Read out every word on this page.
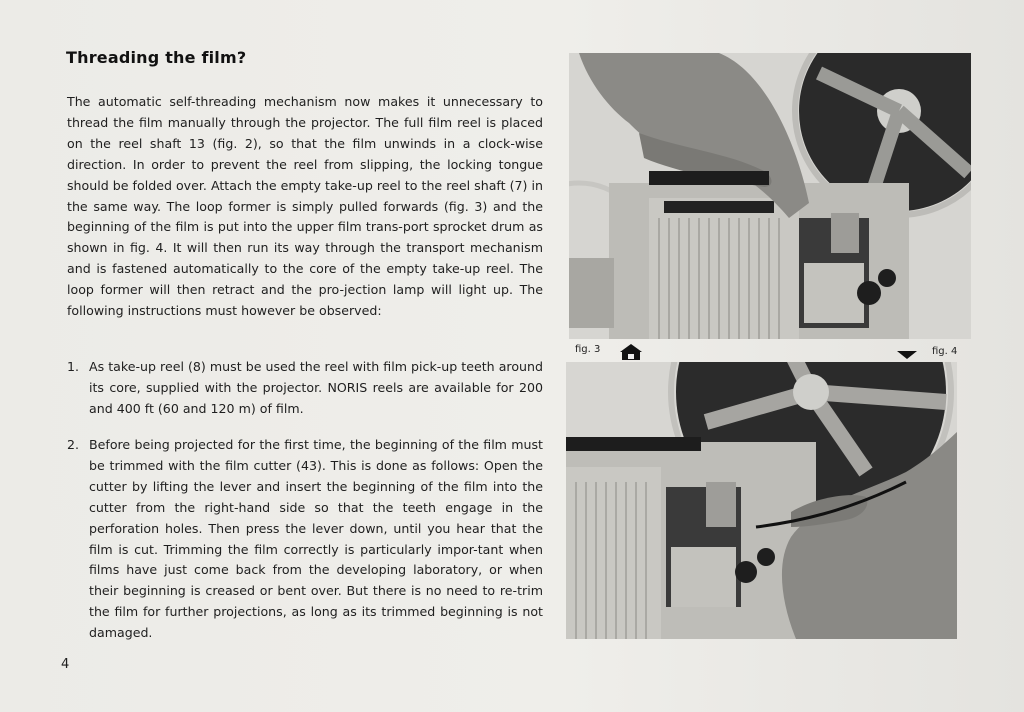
Threading the film?

The automatic self-threading mechanism now makes it unnecessary to thread the film manually through the projector. The full film reel is placed on the reel shaft 13 (fig. 2), so that the film unwinds in a clock-wise direction. In order to prevent the reel from slipping, the locking tongue should be folded over. Attach the empty take-up reel to the reel shaft (7) in the same way. The loop former is simply pulled forwards (fig. 3) and the beginning of the film is put into the upper film trans-port sprocket drum as shown in fig. 4. It will then run its way through the transport mechanism and is fastened automatically to the core of the empty take-up reel. The loop former will then retract and the pro-jection lamp will light up. The following instructions must however be observed:

1. As take-up reel (8) must be used the reel with film pick-up teeth around its core, supplied with the projector. NORIS reels are available for 200 and 400 ft (60 and 120 m) of film.

2. Before being projected for the first time, the beginning of the film must be trimmed with the film cutter (43). This is done as follows: Open the cutter by lifting the lever and insert the beginning of the film into the cutter from the right-hand side so that the teeth engage in the perforation holes. Then press the lever down, until you hear that the film is cut. Trimming the film correctly is particularly impor-tant when films have just come back from the developing laboratory, or when their beginning is creased or bent over. But there is no need to re-trim the film for further projections, as long as its trimmed beginning is not damaged.

4
fig. 3	fig. 4
